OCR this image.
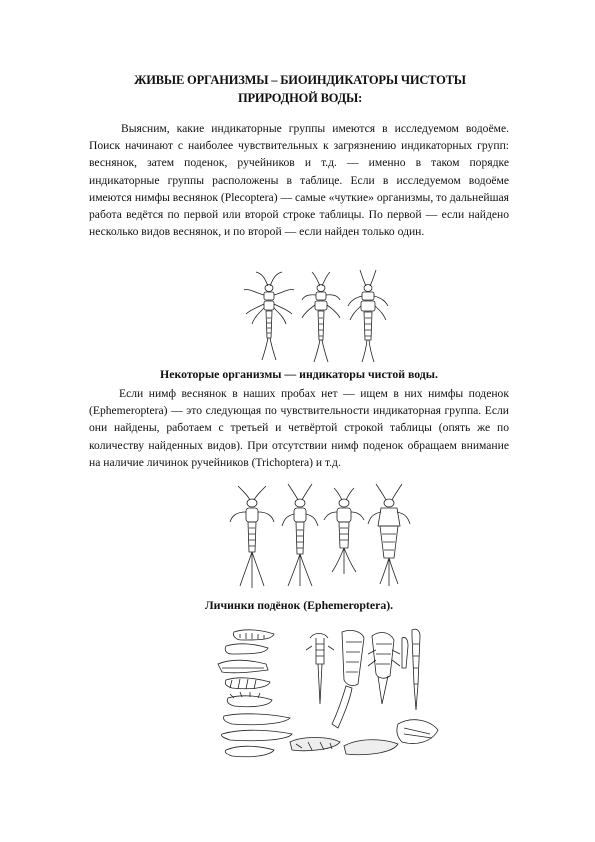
ЖИВЫЕ ОРГАНИЗМЫ – БИОИНДИКАТОРЫ ЧИСТОТЫ
ПРИРОДНОЙ ВОДЫ:

Выясним, какие индикаторные группы имеются в исследуемом водоёме. Поиск начинают с наиболее чувствительных к загрязнению индикаторных групп: веснянок, затем поденок, ручейников и т.д. — именно в таком порядке индикаторные группы расположены в таблице. Если в исследуемом водоёме имеются нимфы веснянок (Plecoptera) — самые «чуткие» организмы, то дальнейшая работа ведётся по первой или второй строке таблицы. По первой — если найдено несколько видов веснянок, и по второй — если найден только один.

Некоторые организмы — индикаторы чистой воды.

Если нимф веснянок в наших пробах нет — ищем в них нимфы поденок (Ephemeroptera) — это следующая по чувствительности индикаторная группа. Если они найдены, работаем с третьей и четвёртой строкой таблицы (опять же по количеству найденных видов). При отсутствии нимф поденок обращаем внимание на наличие личинок ручейников (Trichoptera) и т.д.

Личинки подёнок (Ephemeroptera).
